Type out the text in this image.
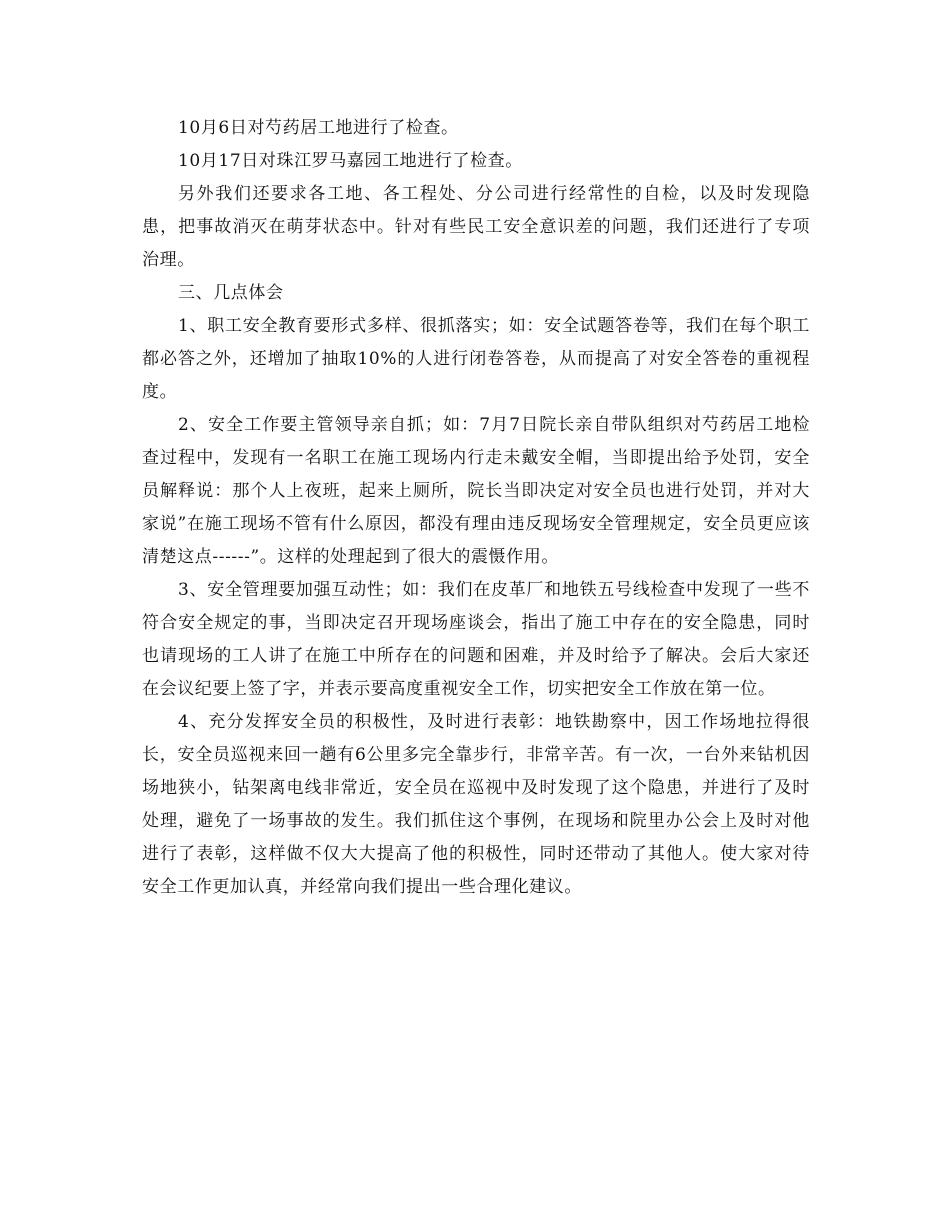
10月6日对芍药居工地进行了检查。

10月17日对珠江罗马嘉园工地进行了检查。

另外我们还要求各工地、各工程处、分公司进行经常性的自检，以及时发现隐患，把事故消灭在萌芽状态中。针对有些民工安全意识差的问题，我们还进行了专项治理。

三、几点体会

1、职工安全教育要形式多样、很抓落实；如：安全试题答卷等，我们在每个职工都必答之外，还增加了抽取10%的人进行闭卷答卷，从而提高了对安全答卷的重视程度。

2、安全工作要主管领导亲自抓；如：7月7日院长亲自带队组织对芍药居工地检查过程中，发现有一名职工在施工现场内行走未戴安全帽，当即提出给予处罚，安全员解释说：那个人上夜班，起来上厕所，院长当即决定对安全员也进行处罚，并对大家说”在施工现场不管有什么原因，都没有理由违反现场安全管理规定，安全员更应该清楚这点------”。这样的处理起到了很大的震慑作用。

3、安全管理要加强互动性；如：我们在皮革厂和地铁五号线检查中发现了一些不符合安全规定的事，当即决定召开现场座谈会，指出了施工中存在的安全隐患，同时也请现场的工人讲了在施工中所存在的问题和困难，并及时给予了解决。会后大家还在会议纪要上签了字，并表示要高度重视安全工作，切实把安全工作放在第一位。

4、充分发挥安全员的积极性，及时进行表彰：地铁勘察中，因工作场地拉得很长，安全员巡视来回一趟有6公里多完全靠步行，非常辛苦。有一次，一台外来钻机因场地狭小，钻架离电线非常近，安全员在巡视中及时发现了这个隐患，并进行了及时处理，避免了一场事故的发生。我们抓住这个事例，在现场和院里办公会上及时对他进行了表彰，这样做不仅大大提高了他的积极性，同时还带动了其他人。使大家对待安全工作更加认真，并经常向我们提出一些合理化建议。
